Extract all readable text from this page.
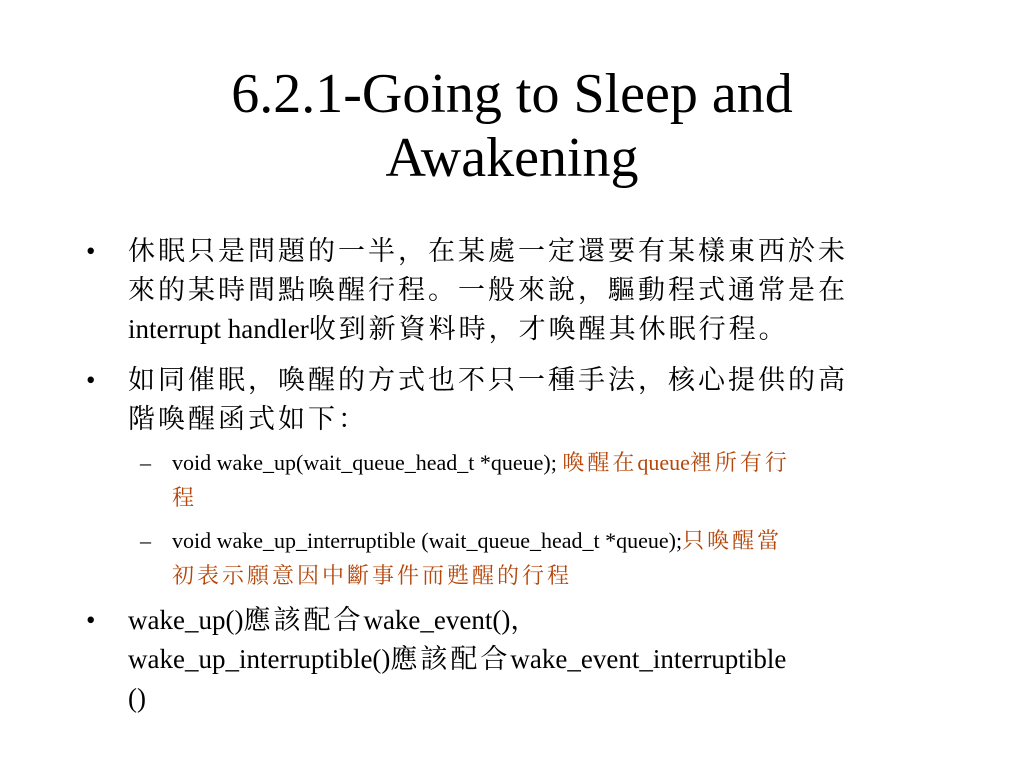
6.2.1-Going to Sleep and
Awakening
• 休眠只是問題的一半，在某處一定還要有某樣東西於未
來的某時間點喚醒行程。一般來說，驅動程式通常是在
interrupt handler收到新資料時，才喚醒其休眠行程。
• 如同催眠，喚醒的方式也不只一種手法，核心提供的高
階喚醒函式如下：
– void wake_up(wait_queue_head_t *queue); 喚醒在queue裡所有行
程
– void wake_up_interruptible (wait_queue_head_t *queue);只喚醒當
初表示願意因中斷事件而甦醒的行程
• wake_up()應該配合wake_event()，
wake_up_interruptible()應該配合wake_event_interruptible
()
